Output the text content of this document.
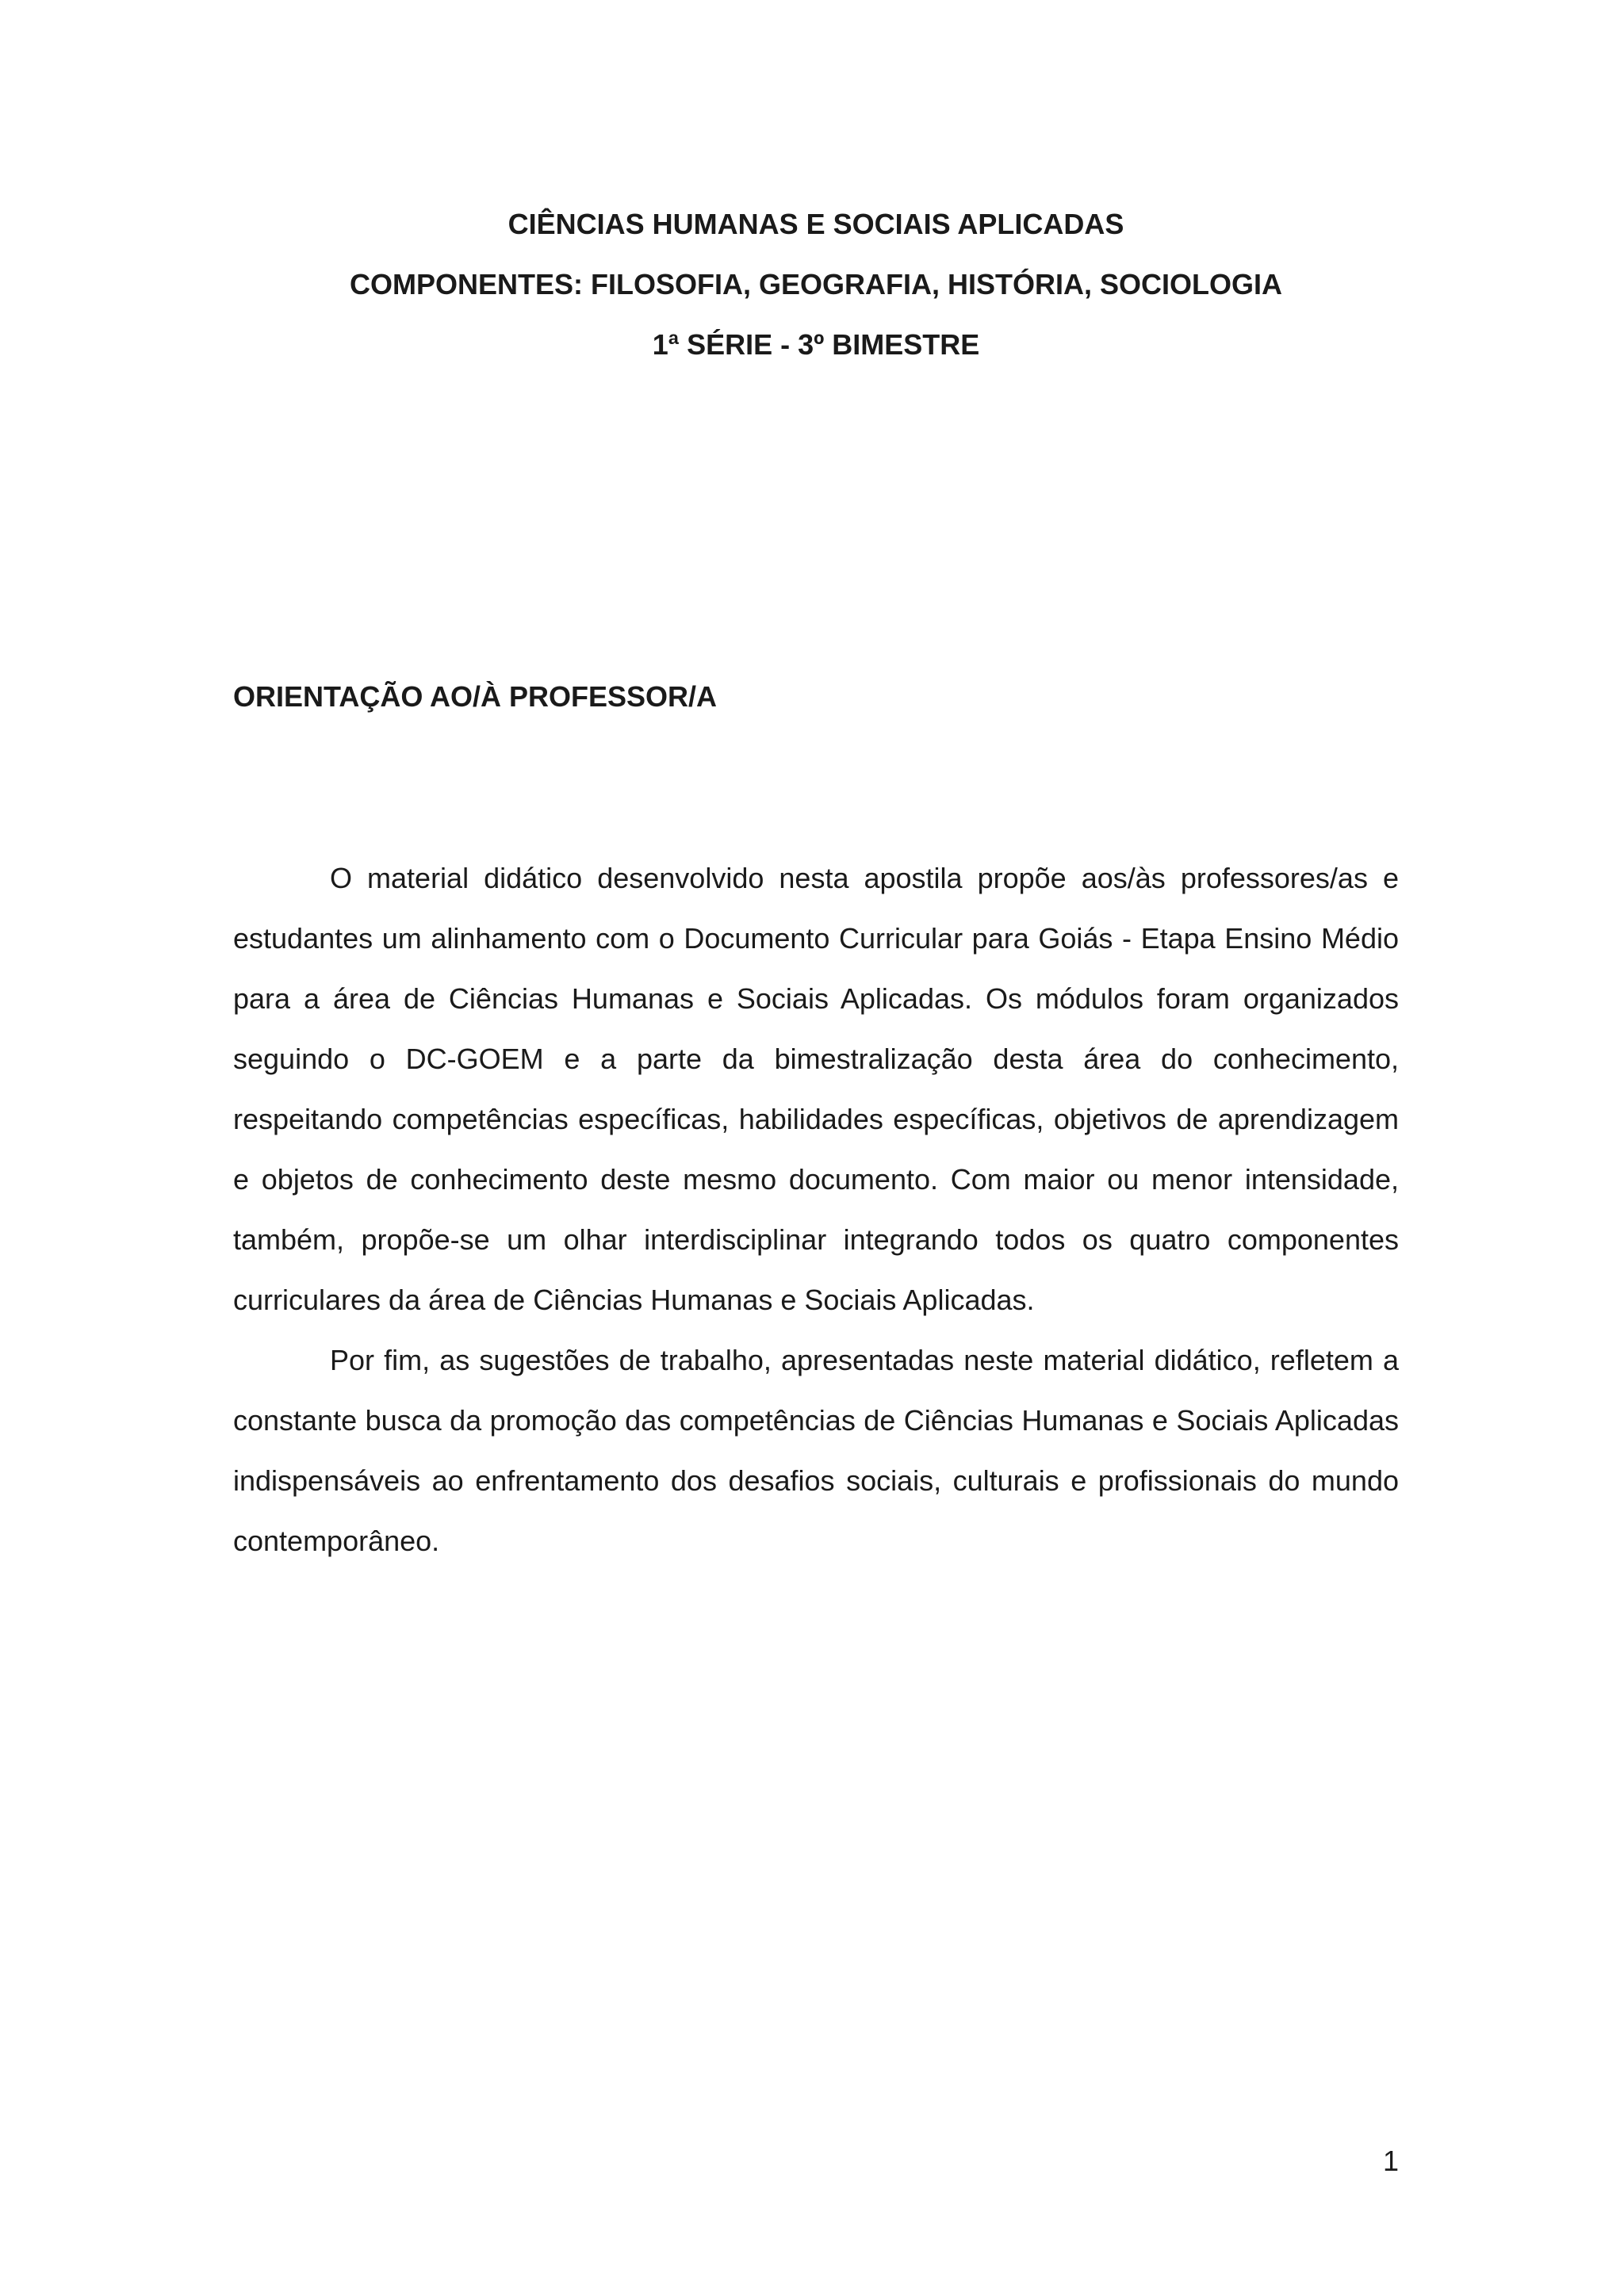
CIÊNCIAS HUMANAS E SOCIAIS APLICADAS
COMPONENTES: FILOSOFIA, GEOGRAFIA, HISTÓRIA, SOCIOLOGIA
1ª SÉRIE - 3º BIMESTRE
ORIENTAÇÃO AO/À PROFESSOR/A

O material didático desenvolvido nesta apostila propõe aos/às professores/as e estudantes um alinhamento com o Documento Curricular para Goiás - Etapa Ensino Médio para a área de Ciências Humanas e Sociais Aplicadas. Os módulos foram organizados seguindo o DC-GOEM e a parte da bimestralização desta área do conhecimento, respeitando competências específicas, habilidades específicas, objetivos de aprendizagem e objetos de conhecimento deste mesmo documento. Com maior ou menor intensidade, também, propõe-se um olhar interdisciplinar integrando todos os quatro componentes curriculares da área de Ciências Humanas e Sociais Aplicadas.

Por fim, as sugestões de trabalho, apresentadas neste material didático, refletem a constante busca da promoção das competências de Ciências Humanas e Sociais Aplicadas indispensáveis ao enfrentamento dos desafios sociais, culturais e profissionais do mundo contemporâneo.

1
